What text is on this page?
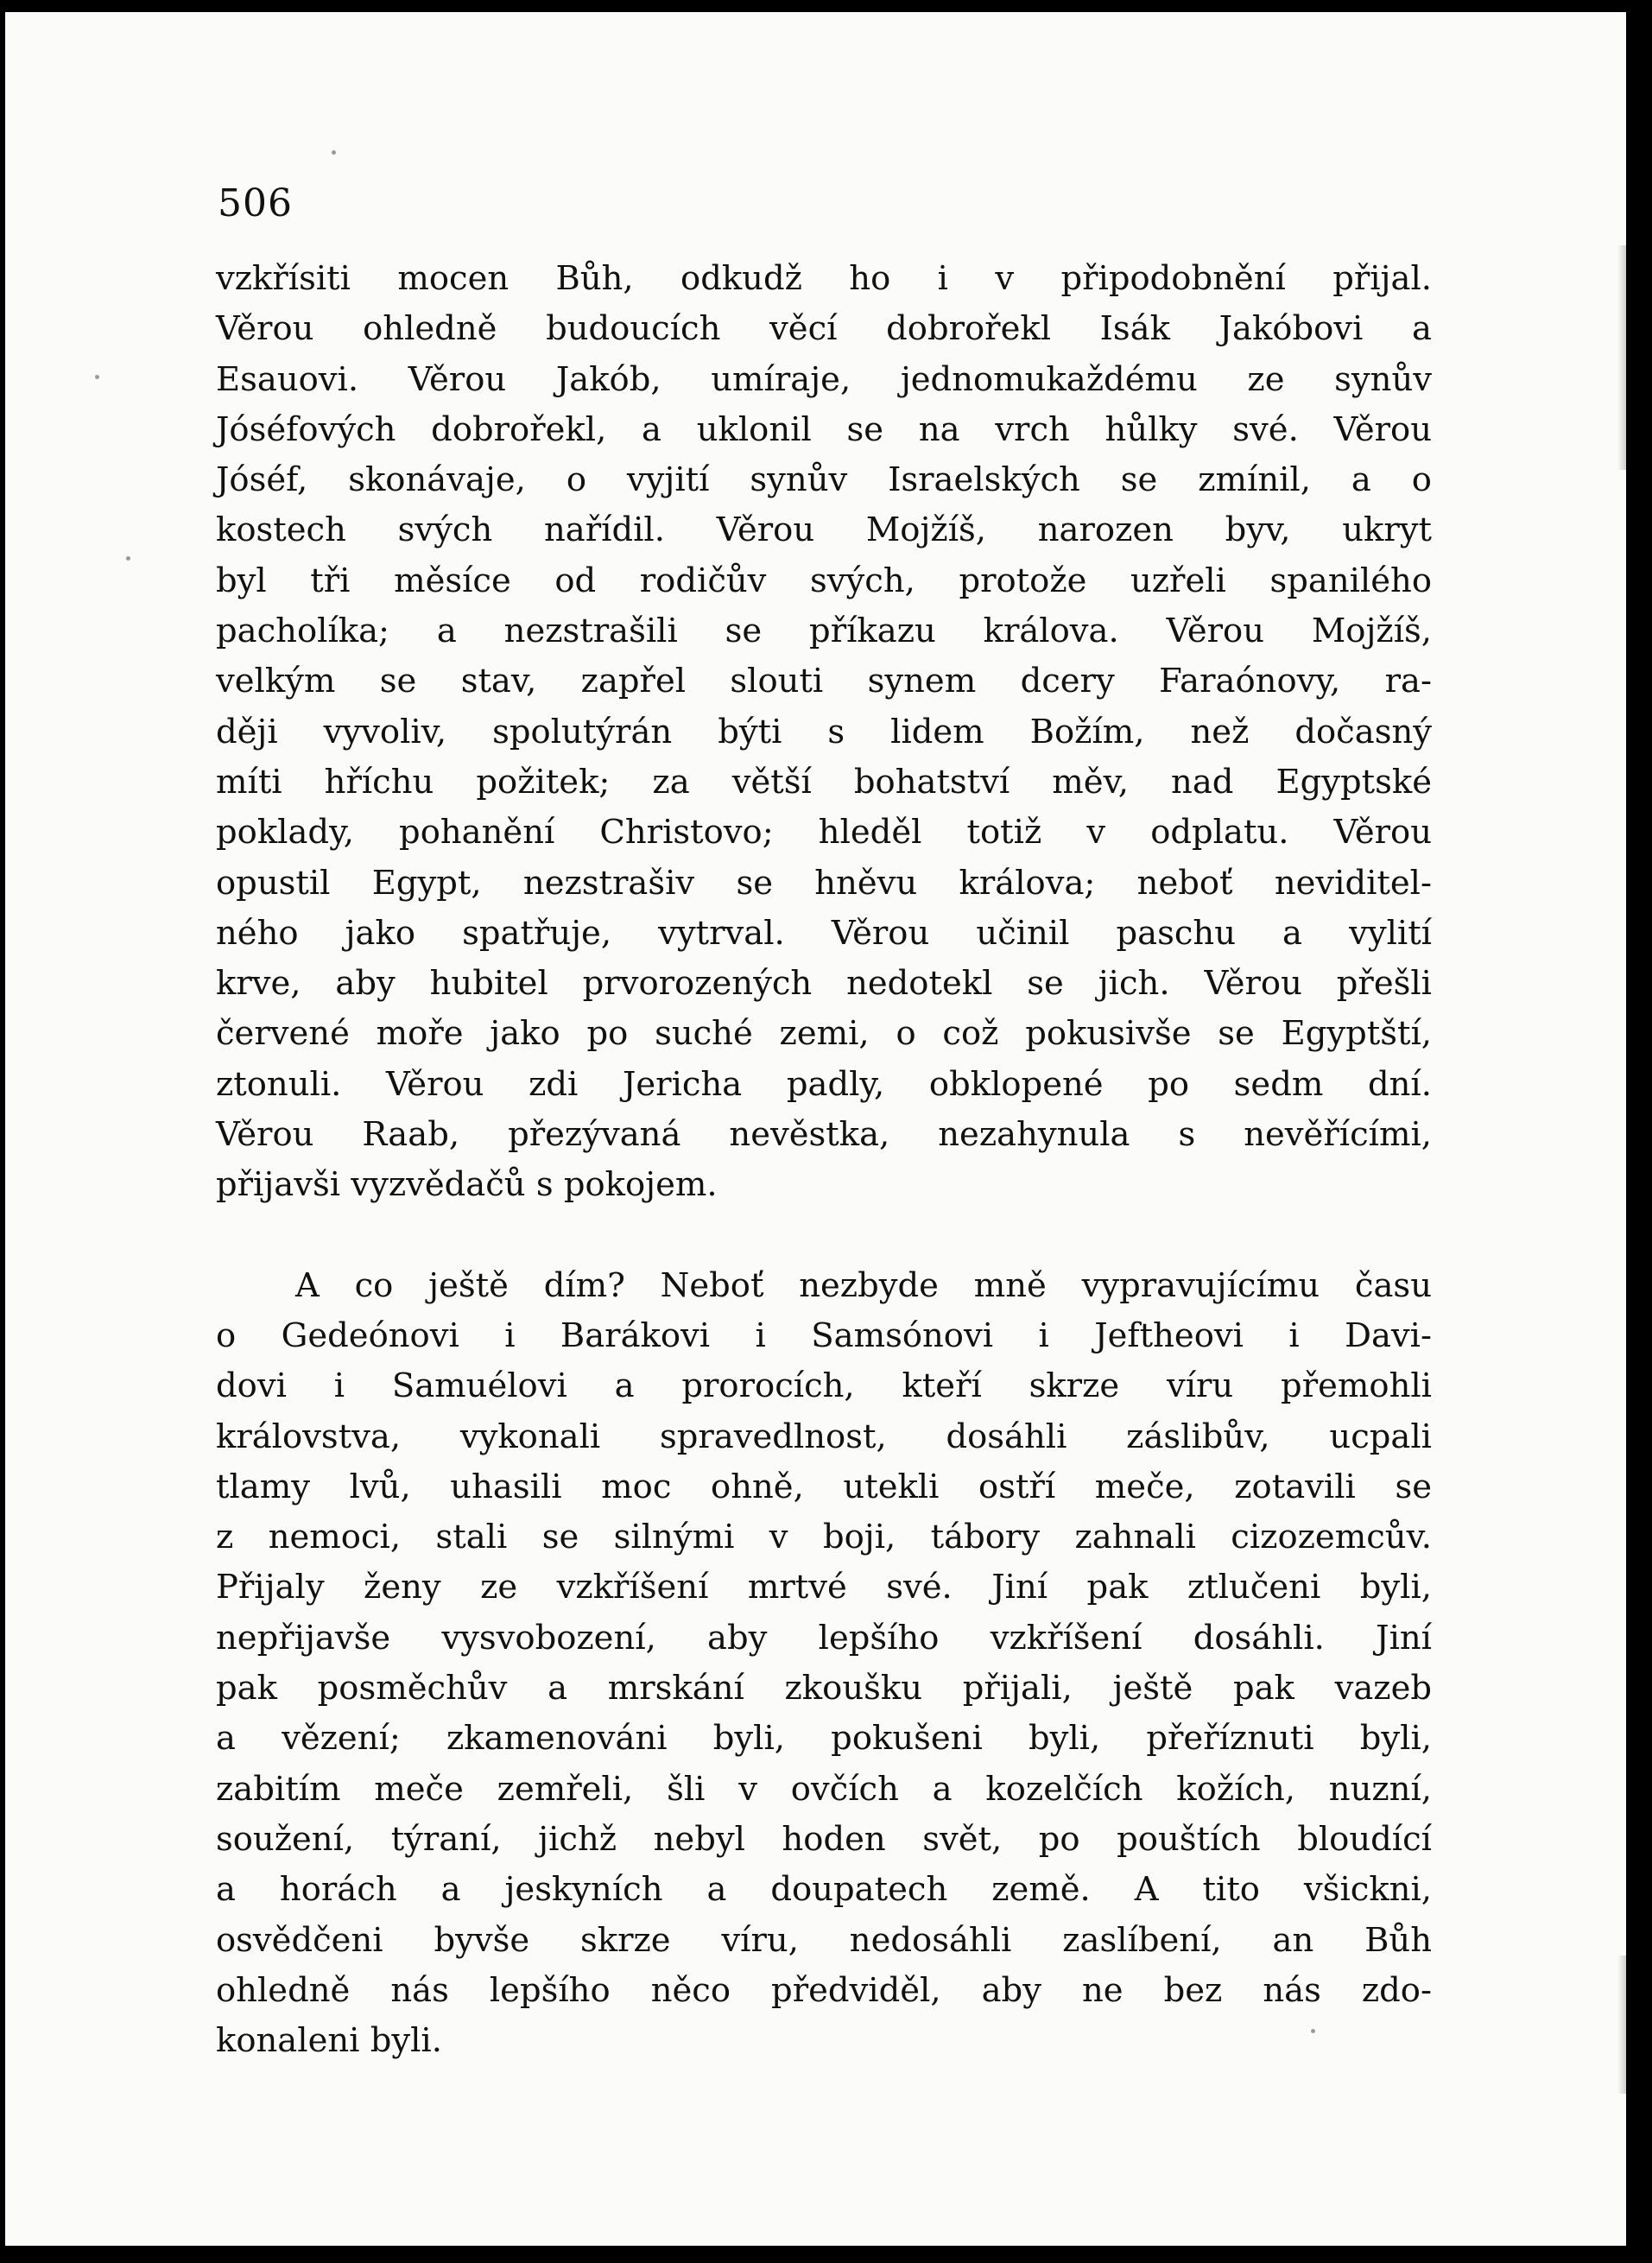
506

vzkřísiti mocen Bůh, odkudž ho i v připodobnění přijal.
Věrou ohledně budoucích věcí dobrořekl Isák Jakóbovi a
Esauovi. Věrou Jakób, umíraje, jednomukaždému ze synův
Jóséfových dobrořekl, a uklonil se na vrch hůlky své. Věrou
Jóséf, skonávaje, o vyjití synův Israelských se zmínil, a o
kostech svých nařídil. Věrou Mojžíš, narozen byv, ukryt
byl tři měsíce od rodičův svých, protože uzřeli spanilého
pacholíka; a nezstrašili se příkazu králova. Věrou Mojžíš,
velkým se stav, zapřel slouti synem dcery Faraónovy, ra-
ději vyvoliv, spolutýrán býti s lidem Božím, než dočasný
míti hříchu požitek; za větší bohatství měv, nad Egyptské
poklady, pohanění Christovo; hleděl totiž v odplatu. Věrou
opustil Egypt, nezstrašiv se hněvu králova; neboť neviditel-
ného jako spatřuje, vytrval. Věrou učinil paschu a vylití
krve, aby hubitel prvorozených nedotekl se jich. Věrou přešli
červené moře jako po suché zemi, o což pokusivše se Egyptští,
ztonuli. Věrou zdi Jericha padly, obklopené po sedm dní.
Věrou Raab, přezývaná nevěstka, nezahynula s nevěřícími,
přijavši vyzvědačů s pokojem.

A co ještě dím? Neboť nezbyde mně vypravujícímu času
o Gedeónovi i Barákovi i Samsónovi i Jeftheovi i Davi-
dovi i Samuélovi a prorocích, kteří skrze víru přemohli
královstva, vykonali spravedlnost, dosáhli záslibův, ucpali
tlamy lvů, uhasili moc ohně, utekli ostří meče, zotavili se
z nemoci, stali se silnými v boji, tábory zahnali cizozemcův.
Přijaly ženy ze vzkříšení mrtvé své. Jiní pak ztlučeni byli,
nepřijavše vysvobození, aby lepšího vzkříšení dosáhli. Jiní
pak posměchův a mrskání zkoušku přijali, ještě pak vazeb
a vězení; zkamenováni byli, pokušeni byli, přeříznuti byli,
zabitím meče zemřeli, šli v ovčích a kozelčích kožích, nuzní,
soužení, týraní, jichž nebyl hoden svět, po pouštích bloudící
a horách a jeskyních a doupatech země. A tito všickni,
osvědčeni byvše skrze víru, nedosáhli zaslíbení, an Bůh
ohledně nás lepšího něco předviděl, aby ne bez nás zdo-
konaleni byli.
